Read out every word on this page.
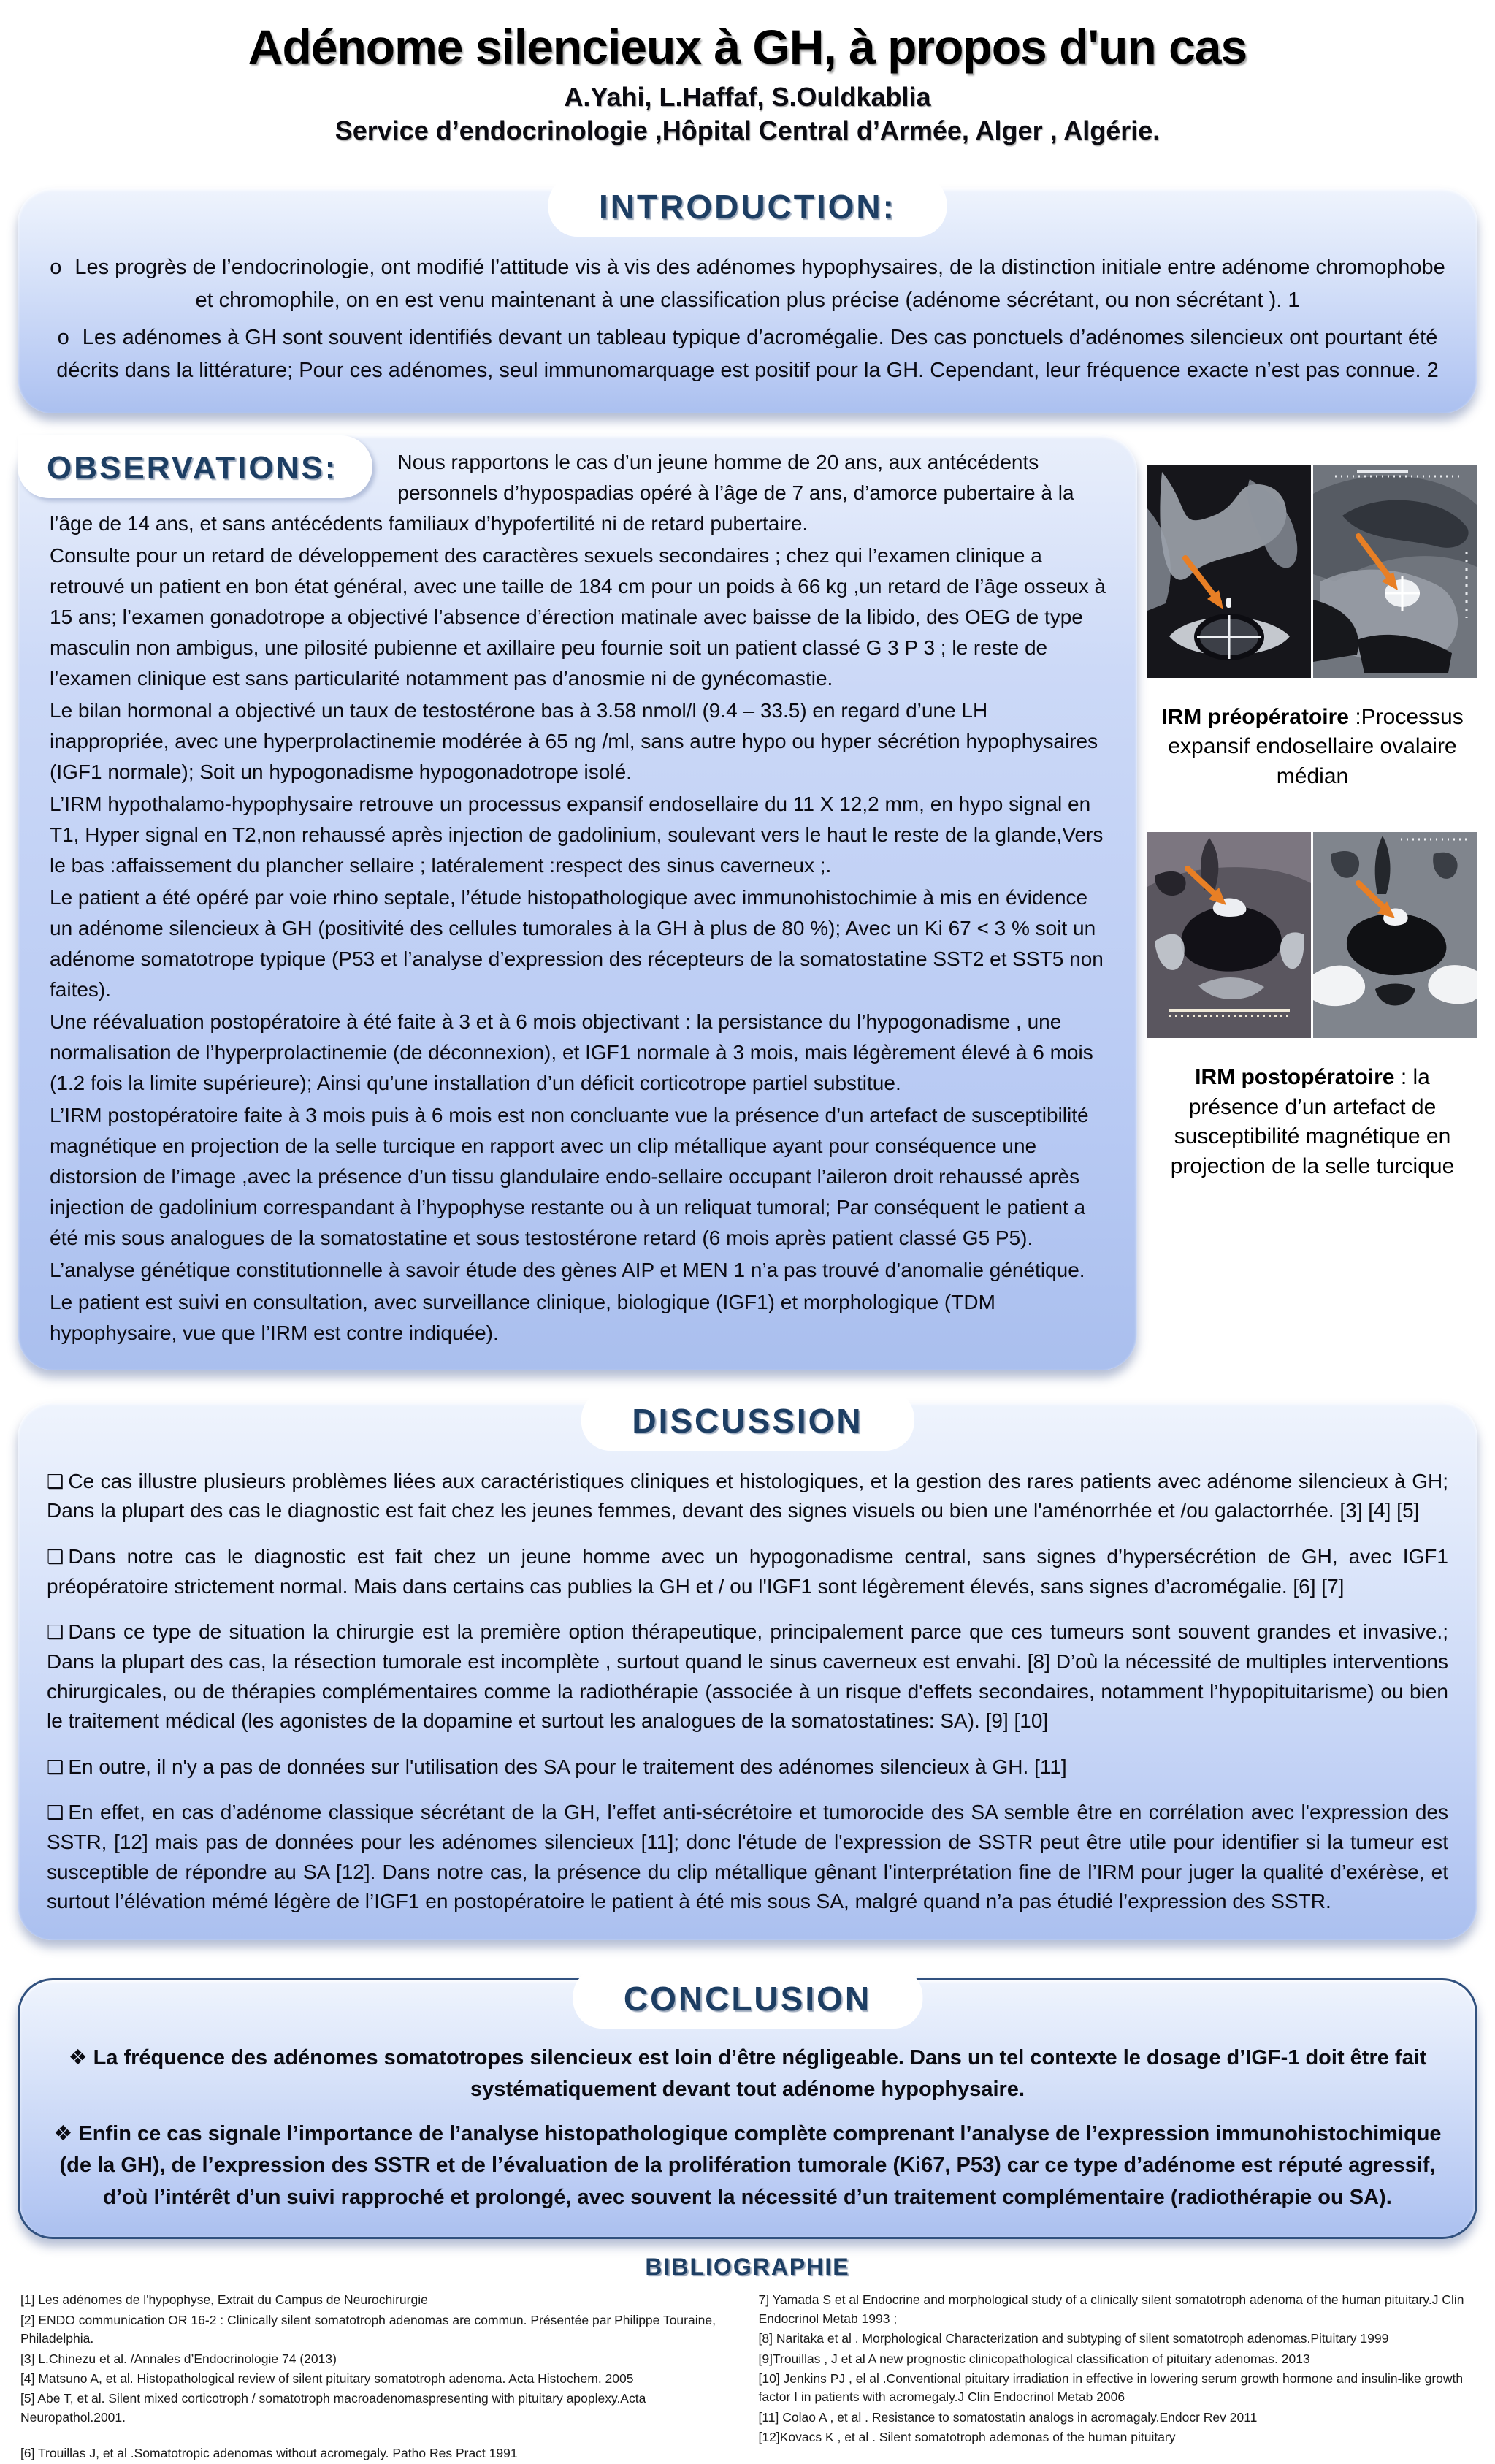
Adénome silencieux à GH, à propos d'un cas
A.Yahi, L.Haffaf, S.Ouldkablia
Service d’endocrinologie ,Hôpital Central d’Armée, Alger , Algérie.
INTRODUCTION:

o Les progrès de l’endocrinologie, ont modifié l’attitude vis à vis des adénomes hypophysaires, de la distinction initiale entre adénome chromophobe et chromophile, on en est venu maintenant à une classification plus précise (adénome sécrétant, ou non sécrétant ). 1

o Les adénomes à GH sont souvent identifiés devant un tableau typique d’acromégalie. Des cas ponctuels d’adénomes silencieux ont pourtant été décrits dans la littérature; Pour ces adénomes, seul immunomarquage est positif pour la GH. Cependant, leur fréquence exacte n’est pas connue. 2

OBSERVATIONS:	Nous rapportons le cas d’un jeune homme de 20 ans, aux antécédents personnels d’hypospadias opéré à l’âge de 7 ans, d’amorce pubertaire à la l’âge de 14 ans, et sans antécédents familiaux d’hypofertilité ni de retard pubertaire.

Consulte pour un retard de développement des caractères sexuels secondaires ; chez qui l’examen clinique a retrouvé un patient en bon état général, avec une taille de 184 cm pour un poids à 66 kg ,un retard de l’âge osseux à 15 ans; l’examen gonadotrope a objectivé l’absence d’érection matinale avec baisse de la libido, des OEG de type masculin non ambigus, une pilosité pubienne et axillaire peu fournie soit un patient classé G 3 P 3 ; le reste de l’examen clinique est sans particularité notamment pas d’anosmie ni de gynécomastie.

Le bilan hormonal a objectivé un taux de testostérone bas à 3.58 nmol/l (9.4 – 33.5) en regard d’une LH inappropriée, avec une hyperprolactinemie modérée à 65 ng /ml, sans autre hypo ou hyper sécrétion hypophysaires (IGF1 normale); Soit un hypogonadisme hypogonadotrope isolé.

L’IRM hypothalamo-hypophysaire retrouve un processus expansif endosellaire du 11 X 12,2 mm, en hypo signal en T1, Hyper signal en T2,non rehaussé après injection de gadolinium, soulevant vers le haut le reste de la glande,Vers le bas :affaissement du plancher sellaire ; latéralement :respect des sinus caverneux ;.

Le patient a été opéré par voie rhino septale, l’étude histopathologique avec immunohistochimie à mis en évidence un adénome silencieux à GH (positivité des cellules tumorales à la GH à plus de 80 %); Avec un Ki 67 < 3 % soit un adénome somatotrope typique (P53 et l’analyse d’expression des récepteurs de la somatostatine SST2 et SST5 non faites).

Une réévaluation postopératoire à été faite à 3 et à 6 mois objectivant : la persistance du l’hypogonadisme , une normalisation de l’hyperprolactinemie (de déconnexion), et IGF1 normale à 3 mois, mais légèrement élevé à 6 mois (1.2 fois la limite supérieure); Ainsi qu’une installation d’un déficit corticotrope partiel substitue.

L’IRM postopératoire faite à 3 mois puis à 6 mois est non concluante vue la présence d’un artefact de susceptibilité magnétique en projection de la selle turcique en rapport avec un clip métallique ayant pour conséquence une distorsion de l’image ,avec la présence d’un tissu glandulaire endo-sellaire occupant l’aileron droit rehaussé après injection de gadolinium correspandant à l’hypophyse restante ou à un reliquat tumoral; Par conséquent le patient a été mis sous analogues de la somatostatine et sous testostérone retard (6 mois après patient classé G5 P5).

L’analyse génétique constitutionnelle à savoir étude des gènes AIP et MEN 1 n’a pas trouvé d’anomalie génétique.

Le patient est suivi en consultation, avec surveillance clinique, biologique (IGF1) et morphologique (TDM hypophysaire, vue que l’IRM est contre indiquée).

IRM préopératoire :Processus expansif endosellaire ovalaire médian
IRM postopératoire : la présence d’un artefact de susceptibilité magnétique en projection de la selle turcique
DISCUSSION

❑ Ce cas illustre plusieurs problèmes liées aux caractéristiques cliniques et histologiques, et la gestion des rares patients avec adénome silencieux à GH; Dans la plupart des cas le diagnostic est fait chez les jeunes femmes, devant des signes visuels ou bien une l'aménorrhée et /ou galactorrhée. [3] [4] [5]

❑ Dans notre cas le diagnostic est fait chez un jeune homme avec un hypogonadisme central, sans signes d’hypersécrétion de GH, avec IGF1 préopératoire strictement normal. Mais dans certains cas publies la GH et / ou l'IGF1 sont légèrement élevés, sans signes d’acromégalie. [6] [7]

❑ Dans ce type de situation la chirurgie est la première option thérapeutique, principalement parce que ces tumeurs sont souvent grandes et invasive.; Dans la plupart des cas, la résection tumorale est incomplète , surtout quand le sinus caverneux est envahi. [8] D’où la nécessité de multiples interventions chirurgicales, ou de thérapies complémentaires comme la radiothérapie (associée à un risque d'effets secondaires, notamment l’hypopituitarisme) ou bien le traitement médical (les agonistes de la dopamine et surtout les analogues de la somatostatines: SA). [9] [10]

❑ En outre, il n'y a pas de données sur l'utilisation des SA pour le traitement des adénomes silencieux à GH. [11]

❑ En effet, en cas d’adénome classique sécrétant de la GH, l’effet anti-sécrétoire et tumorocide des SA semble être en corrélation avec l'expression des SSTR, [12] mais pas de données pour les adénomes silencieux [11]; donc l'étude de l'expression de SSTR peut être utile pour identifier si la tumeur est susceptible de répondre au SA [12]. Dans notre cas, la présence du clip métallique gênant l’interprétation fine de l’IRM pour juger la qualité d’exérèse, et surtout l’élévation mémé légère de l’IGF1 en postopératoire le patient à été mis sous SA, malgré quand n’a pas étudié l’expression des SSTR.

CONCLUSION

❖ La fréquence des adénomes somatotropes silencieux est loin d’être négligeable. Dans un tel contexte le dosage d’IGF-1 doit être fait systématiquement devant tout adénome hypophysaire.

❖ Enfin ce cas signale l’importance de l’analyse histopathologique complète comprenant l’analyse de l’expression immunohistochimique (de la GH), de l’expression des SSTR et de l’évaluation de la prolifération tumorale (Ki67, P53) car ce type d’adénome est réputé agressif, d’où l’intérêt d’un suivi rapproché et prolongé, avec souvent la nécessité d’un traitement complémentaire (radiothérapie ou SA).

BIBLIOGRAPHIE

[1] Les adénomes de l'hypophyse, Extrait du Campus de Neurochirurgie

[2] ENDO communication OR 16-2 : Clinically silent somatotroph adenomas are commun. Présentée par Philippe Touraine, Philadelphia.

[3] L.Chinezu et al. /Annales d’Endocrinologie 74 (2013)

[4] Matsuno A, et al. Histopathological review of silent pituitary somatotroph adenoma. Acta Histochem. 2005

[5] Abe T, et al. Silent mixed corticotroph / somatotroph macroadenomaspresenting with pituitary apoplexy.Acta Neuropathol.2001.

[6] Trouillas J, et al .Somatotropic adenomas without acromegaly. Patho Res Pract 1991

7] Yamada S et al Endocrine and morphological study of a clinically silent somatotroph adenoma of the human pituitary.J Clin Endocrinol Metab 1993 ;

[8] Naritaka et al . Morphological Characterization and subtyping of silent somatotroph adenomas.Pituitary 1999

[9]Trouillas , J et al A new prognostic clinicopathological classification of pituitary adenomas. 2013

[10] Jenkins PJ , el al .Conventional pituitary irradiation in effective in lowering serum growth hormone and insulin-like growth factor I in patients with acromegaly.J Clin Endocrinol Metab 2006

[11] Colao A , et al . Resistance to somatostatin analogs in acromagaly.Endocr Rev 2011

[12]Kovacs K , et al . Silent somatotroph ademonas of the human pituitary
